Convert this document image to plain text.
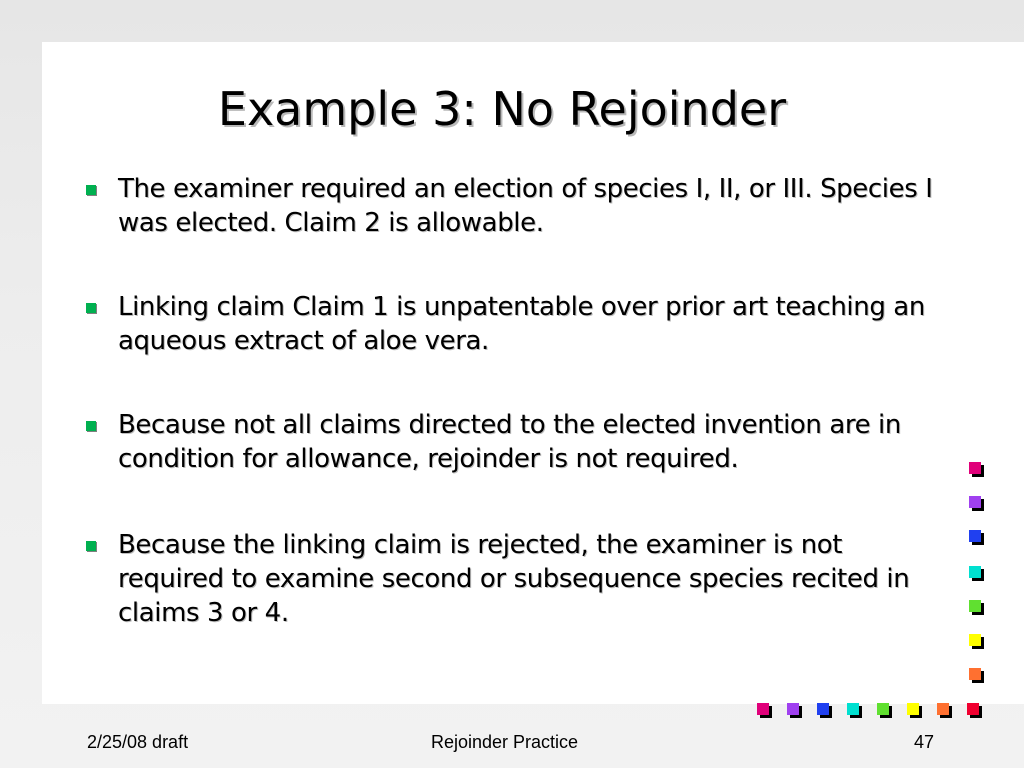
Example 3: No Rejoinder
The examiner required an election of species I, II, or III. Species I was elected. Claim 2 is allowable.
Linking claim Claim 1 is unpatentable over prior art teaching an aqueous extract of aloe vera.
Because not all claims directed to the elected invention are in condition for allowance, rejoinder is not required.
Because the linking claim is rejected, the examiner is not required to examine second or subsequence species recited in claims 3 or 4.
2/25/08 draft	Rejoinder Practice	47
